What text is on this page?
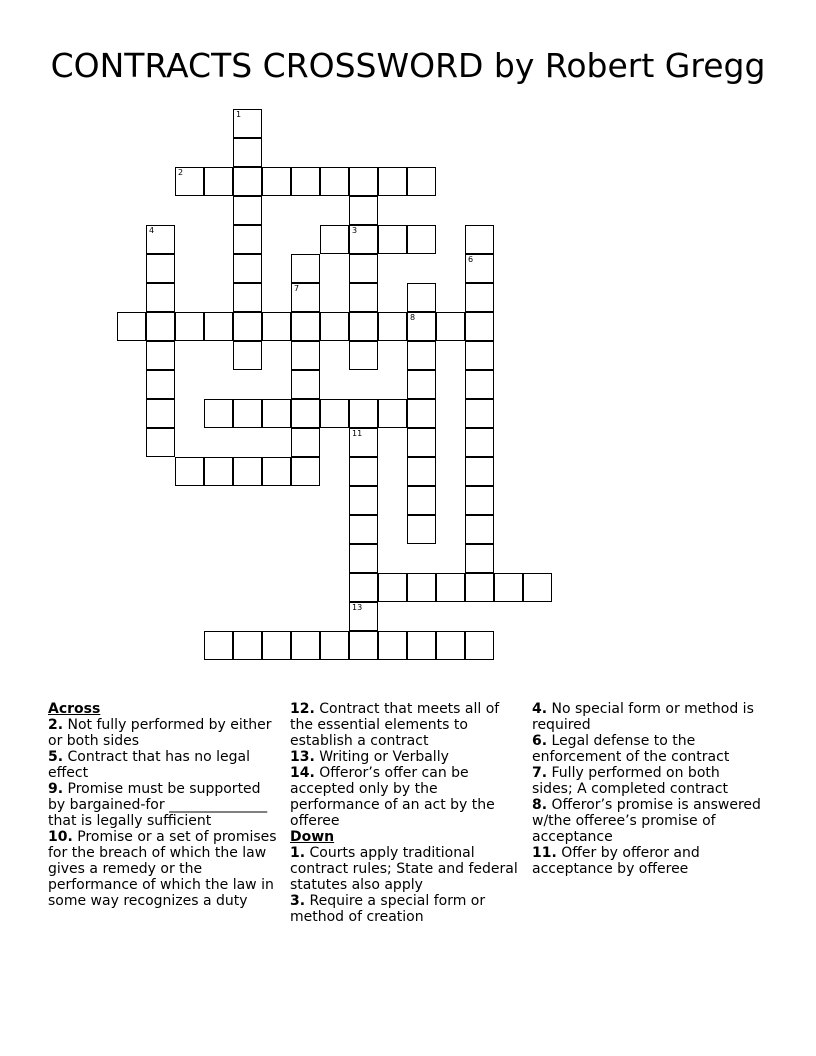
CONTRACTS CROSSWORD by Robert Gregg
1
2
4	3
6
7
8
11
13
Across

2. Not fully performed by either or both sides

5. Contract that has no legal effect

9. Promise must be supported by bargained-for ______________ that is legally sufficient

10. Promise or a set of promises for the breach of which the law gives a remedy or the performance of which the law in some way recognizes a duty

12. Contract that meets all of the essential elements to establish a contract

13. Writing or Verbally

14. Offeror’s offer can be accepted only by the performance of an act by the offeree

Down

1. Courts apply traditional contract rules; State and federal statutes also apply

3. Require a special form or method of creation

4. No special form or method is required

6. Legal defense to the enforcement of the contract

7. Fully performed on both sides; A completed contract

8. Offeror’s promise is answered w/the offeree’s promise of acceptance

11. Offer by offeror and acceptance by offeree
